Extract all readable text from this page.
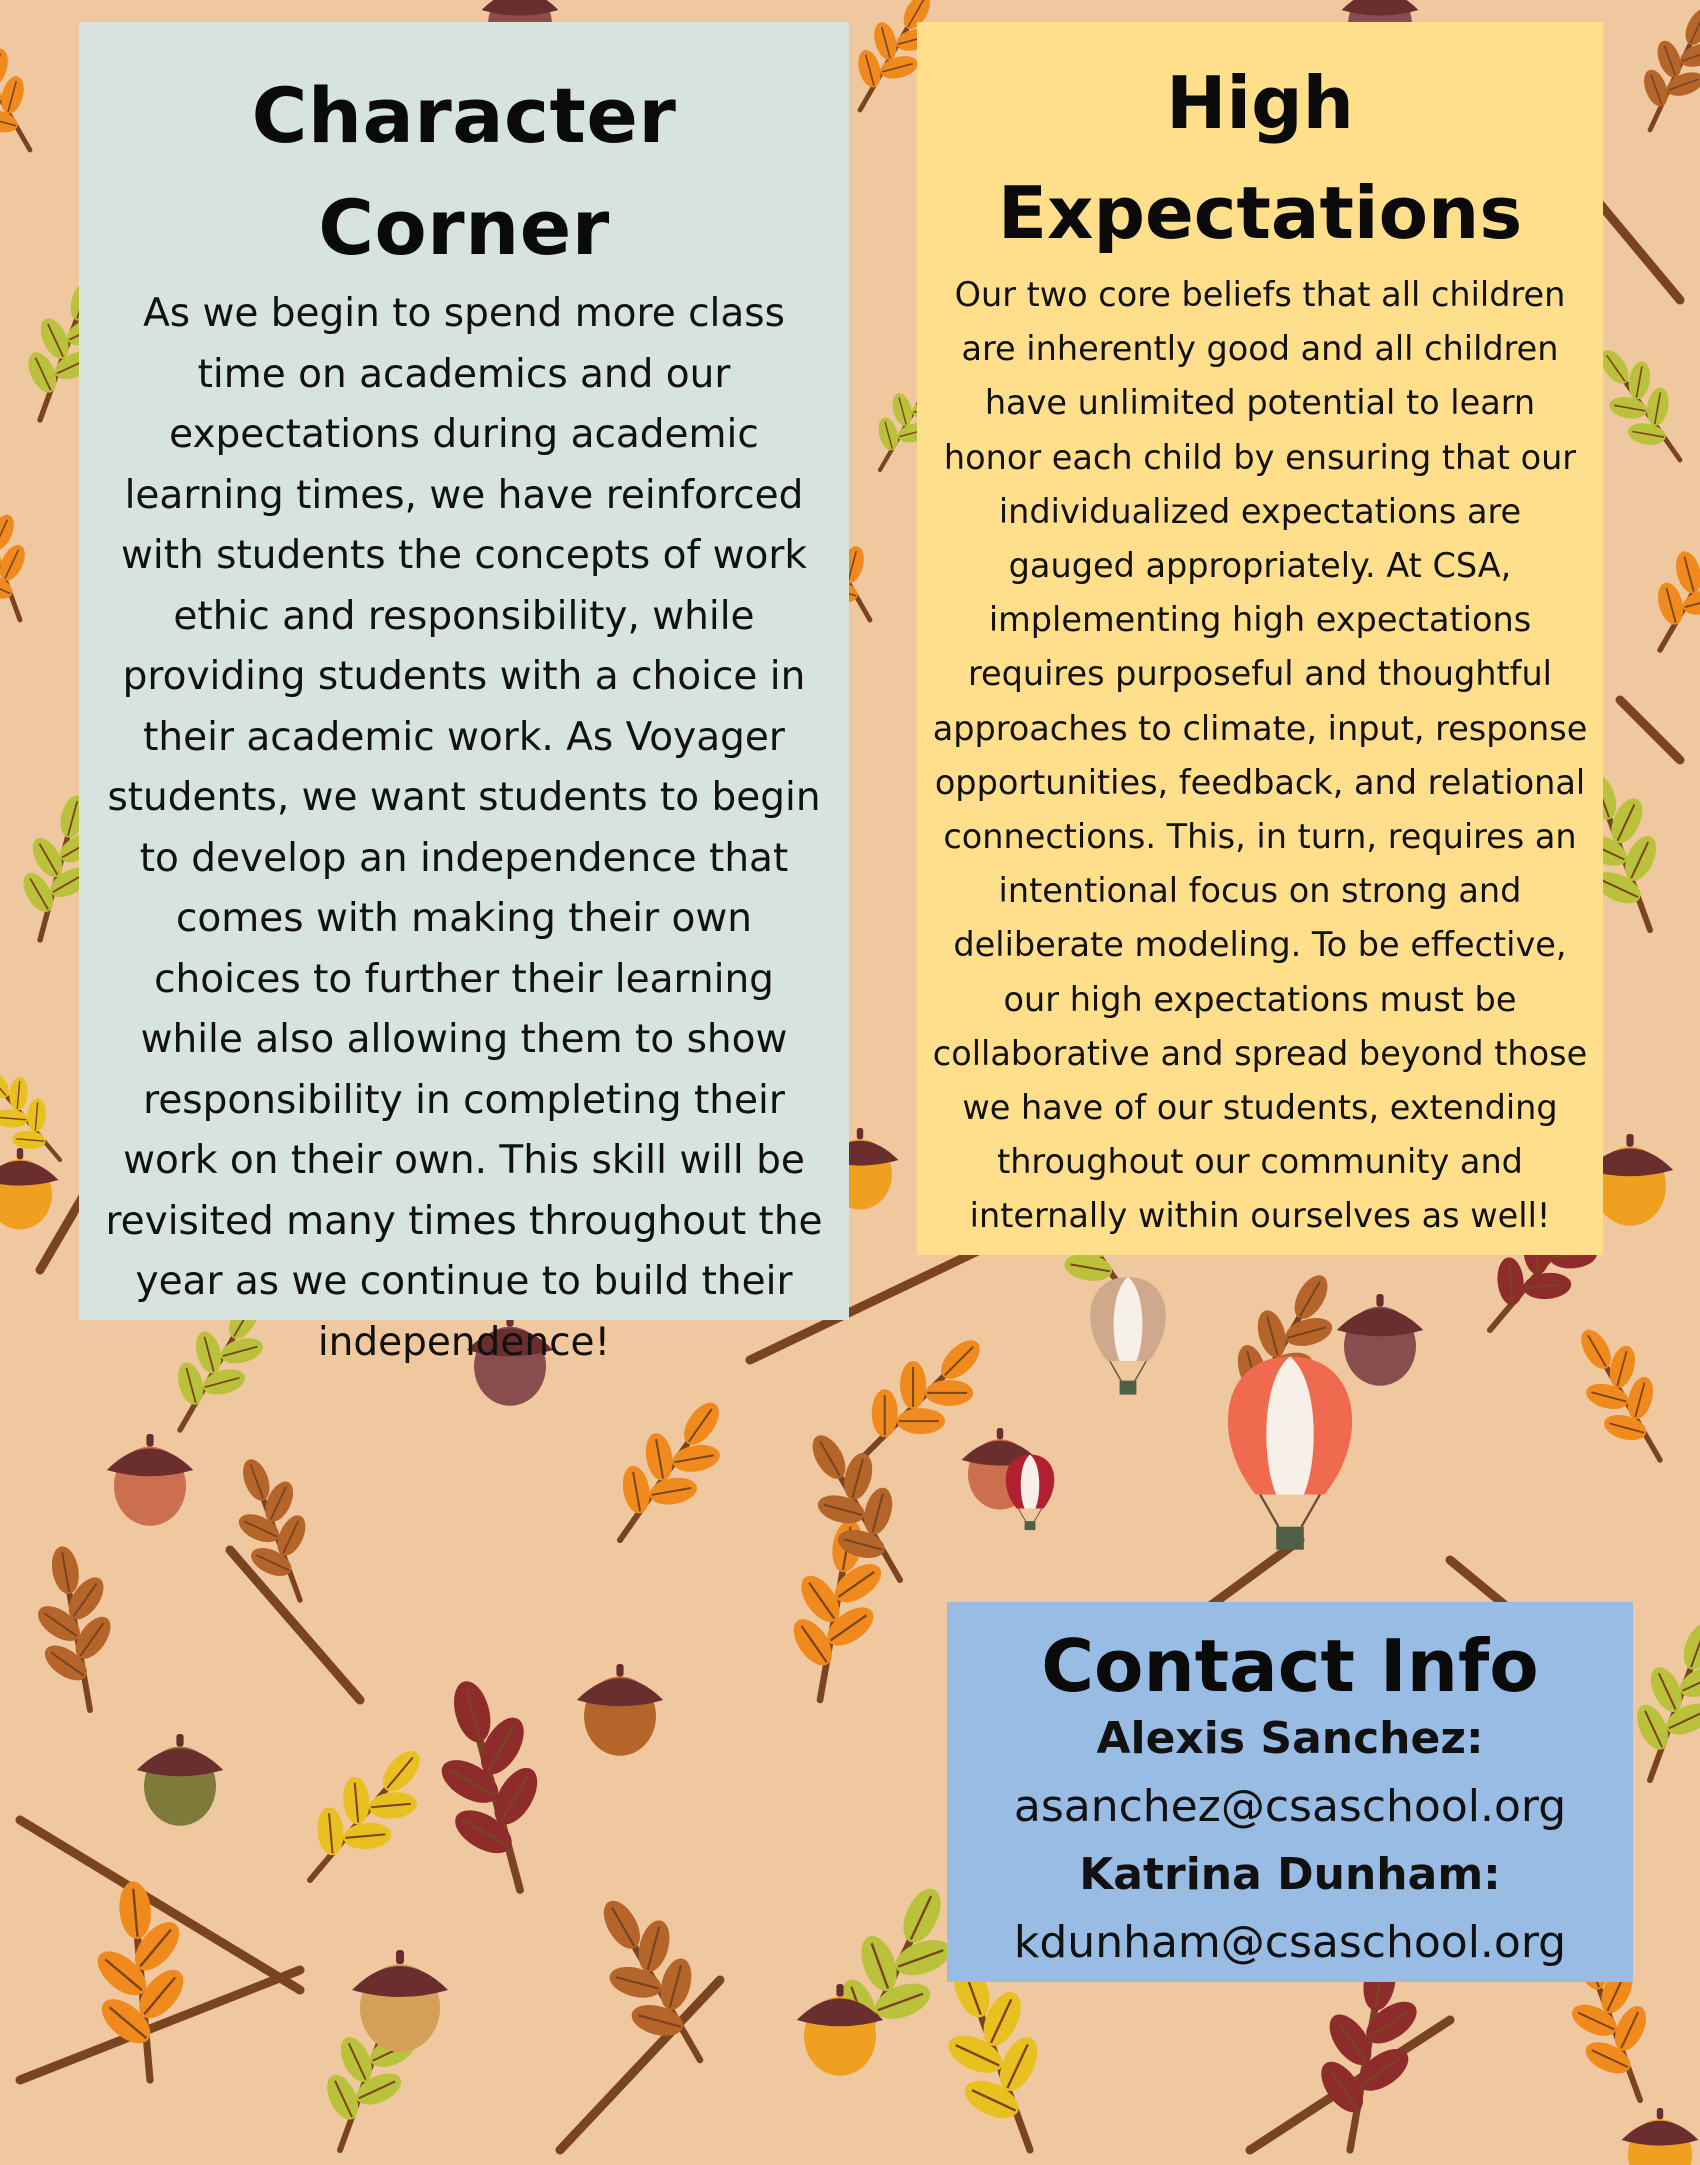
Character
Corner

As we begin to spend more class time on academics and our expectations during academic learning times, we have reinforced with students the concepts of work ethic and responsibility, while providing students with a choice in their academic work. As Voyager students, we want students to begin to develop an independence that comes with making their own choices to further their learning while also allowing them to show responsibility in completing their work on their own. This skill will be revisited many times throughout the year as we continue to build their independence!

High
Expectations

Our two core beliefs that all children are inherently good and all children have unlimited potential to learn honor each child by ensuring that our individualized expectations are gauged appropriately. At CSA, implementing high expectations requires purposeful and thoughtful approaches to climate, input, response opportunities, feedback, and relational connections. This, in turn, requires an intentional focus on strong and deliberate modeling. To be effective, our high expectations must be collaborative and spread beyond those we have of our students, extending throughout our community and internally within ourselves as well!

Contact Info
Alexis Sanchez:
asanchez@csaschool.org
Katrina Dunham:
kdunham@csaschool.org
